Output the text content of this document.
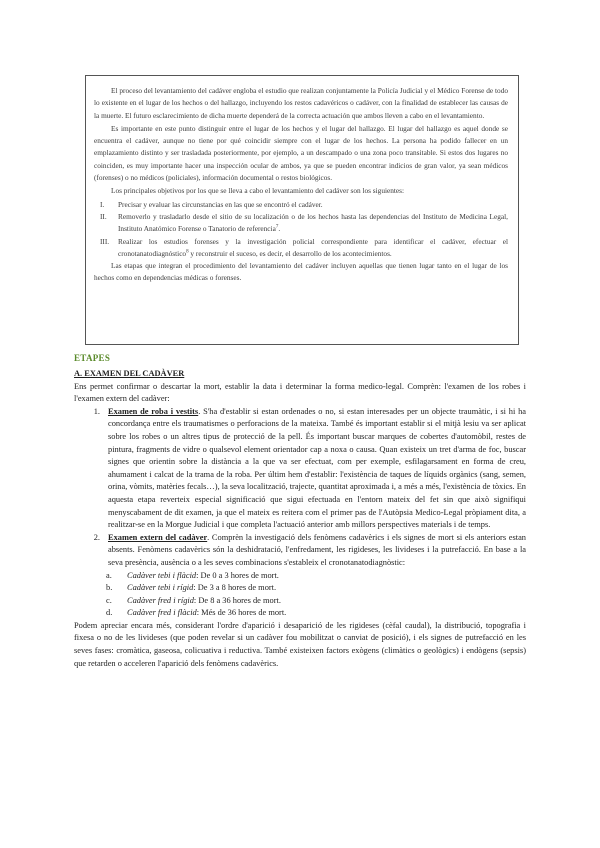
El proceso del levantamiento del cadáver engloba el estudio que realizan conjuntamente la Policía Judicial y el Médico Forense de todo lo existente en el lugar de los hechos o del hallazgo, incluyendo los restos cadavéricos o cadáver, con la finalidad de establecer las causas de la muerte. El futuro esclarecimiento de dicha muerte dependerá de la correcta actuación que ambos lleven a cabo en el levantamiento.

Es importante en este punto distinguir entre el lugar de los hechos y el lugar del hallazgo. El lugar del hallazgo es aquel donde se encuentra el cadáver, aunque no tiene por qué coincidir siempre con el lugar de los hechos. La persona ha podido fallecer en un emplazamiento distinto y ser trasladada posteriormente, por ejemplo, a un descampado o una zona poco transitable. Si estos dos lugares no coinciden, es muy importante hacer una inspección ocular de ambos, ya que se pueden encontrar indicios de gran valor, ya sean médicos (forenses) o no médicos (policiales), información documental o restos biológicos.

Los principales objetivos por los que se lleva a cabo el levantamiento del cadáver son los siguientes:

I.	Precisar y evaluar las circunstancias en las que se encontró el cadáver.
II.	Removerlo y trasladarlo desde el sitio de su localización o de los hechos hasta las dependencias del Instituto de Medicina Legal, Instituto Anatómico Forense o Tanatorio de referencia$^7$.
III.	Realizar los estudios forenses y la investigación policial correspondiente para identificar el cadáver, efectuar el cronotanatodiagnóstico$^8$ y reconstruir el suceso, es decir, el desarrollo de los acontecimientos.

Las etapas que integran el procedimiento del levantamiento del cadáver incluyen aquellas que tienen lugar tanto en el lugar de los hechos como en dependencias médicas o forenses.

ETAPES

A. EXAMEN DEL CADÀVER

Ens permet confirmar o descartar la mort, establir la data i determinar la forma medico-legal. Comprèn: l'examen de los robes i l'examen extern del cadàver:

1. Examen de roba i vestits. S'ha d'establir si estan ordenades o no, si estan interesades per un objecte traumàtic, i si hi ha concordança entre els traumatismes o perforacions de la mateixa. També és important establir si el mitjà lesiu va ser aplicat sobre los robes o un altres tipus de protecció de la pell. És important buscar marques de cobertes d'automòbil, restes de pintura, fragments de vidre o qualsevol element orientador cap a noxa o causa. Quan existeix un tret d'arma de foc, buscar signes que orientin sobre la distància a la que va ser efectuat, com per exemple, esfilagarsament en forma de creu, ahumament i calcat de la trama de la roba. Per últim hem d'establir: l'existència de taques de líquids orgànics (sang, semen, orina, vòmits, matèries fecals…), la seva localització, trajecte, quantitat aproximada i, a més a més, l'existència de tòxics. En aquesta etapa reverteix especial significació que sigui efectuada en l'entorn mateix del fet sin que això signifiqui menyscabament de dit examen, ja que el mateix es reitera com el primer pas de l'Autòpsia Medico-Legal pròpiament dita, a realitzar-se en la Morgue Judicial i que completa l'actuació anterior amb millors perspectives materials i de temps.
2. Examen extern del cadàver. Comprèn la investigació dels fenòmens cadavèrics i els signes de mort si els anteriors estan absents. Fenòmens cadavèrics són la deshidratació, l'enfredament, les rigideses, les livideses i la putrefacció. En base a la seva presència, ausència o a les seves combinacions s'estableix el cronotanatodiagnòstic:
a.	Cadàver tebi i flàcid: De 0 a 3 hores de mort.
b.	Cadàver tebi i rígid: De 3 a 8 hores de mort.
c.	Cadàver fred i rígid: De 8 a 36 hores de mort.
d.	Cadàver fred i flàcid: Més de 36 hores de mort.

Podem apreciar encara més, considerant l'ordre d'aparició i desaparició de les rigideses (cèfal caudal), la distribució, topografia i fixesa o no de les livideses (que poden revelar si un cadàver fou mobilitzat o canviat de posició), i els signes de putrefacció en les seves fases: cromàtica, gaseosa, colicuativa i reductiva. També existeixen factors exògens (climàtics o geològics) i endògens (sepsis) que retarden o acceleren l'aparició dels fenòmens cadavèrics.
